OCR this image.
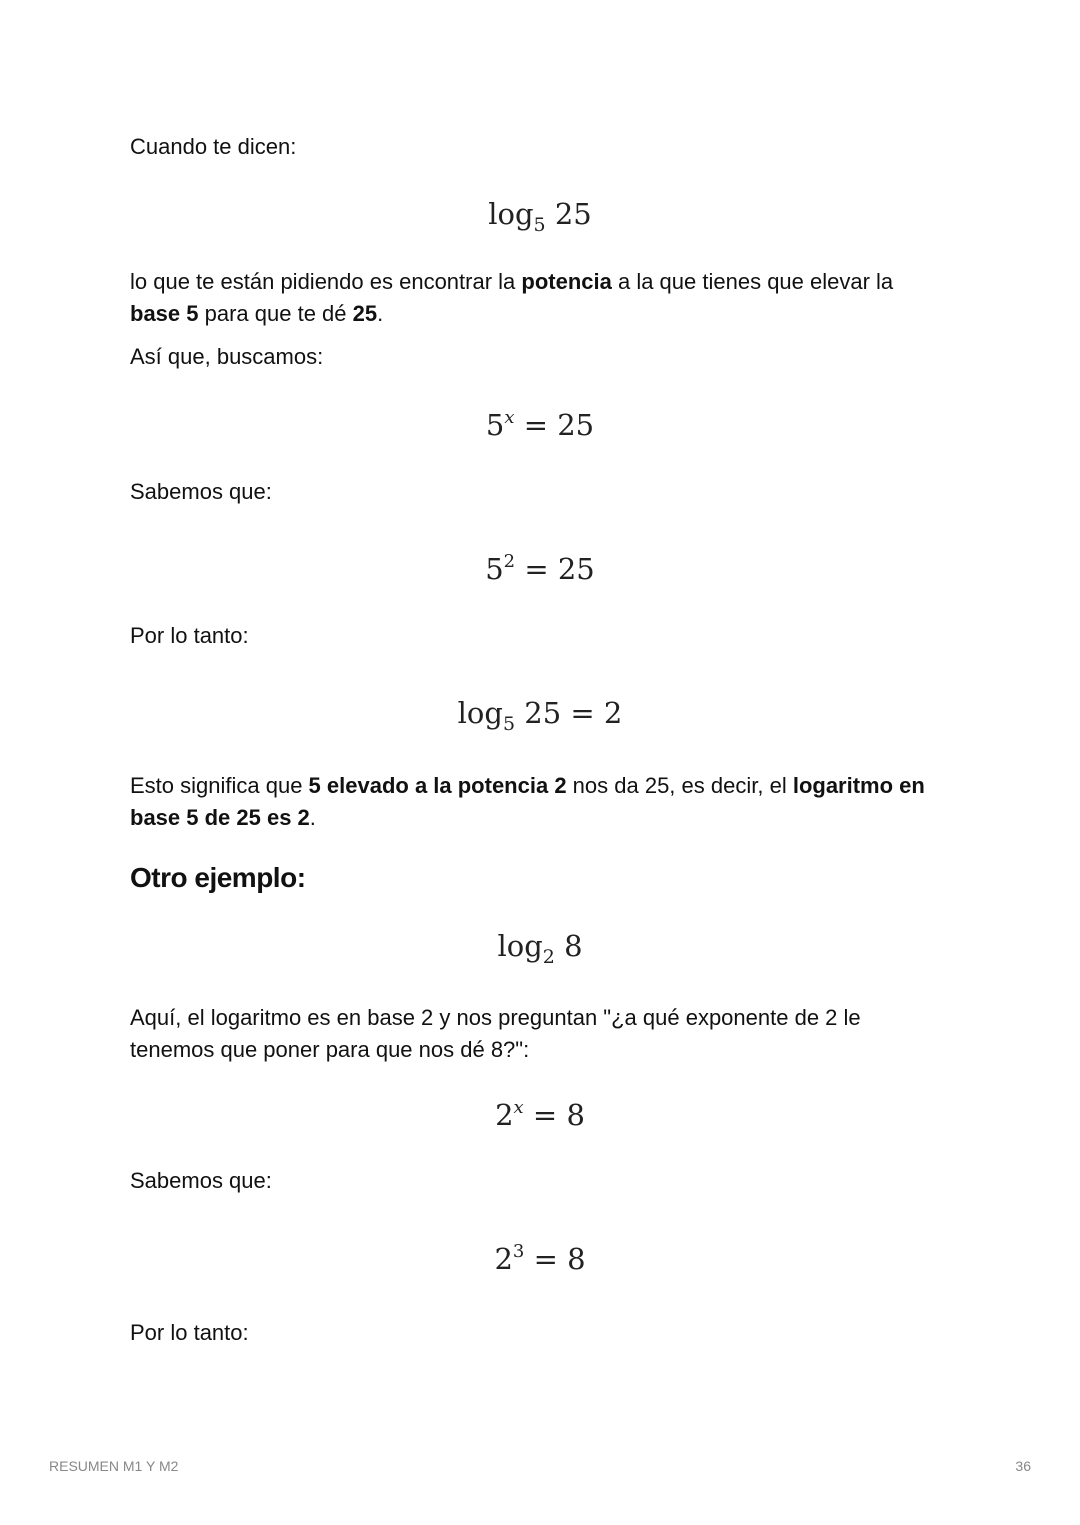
Cuando te dicen:
$\log_5 25$
lo que te están pidiendo es encontrar la potencia a la que tienes que elevar la
base 5 para que te dé 25.
Así que, buscamos:
$5^x = 25$
Sabemos que:
$5^2 = 25$
Por lo tanto:
$\log_5 25 = 2$
Esto significa que 5 elevado a la potencia 2 nos da 25, es decir, el logaritmo en
base 5 de 25 es 2.
Otro ejemplo:
$\log_2 8$
Aquí, el logaritmo es en base 2 y nos preguntan "¿a qué exponente de 2 le
tenemos que poner para que nos dé 8?":
$2^x = 8$
Sabemos que:
$2^3 = 8$
Por lo tanto:
RESUMEN M1 Y M2	36
